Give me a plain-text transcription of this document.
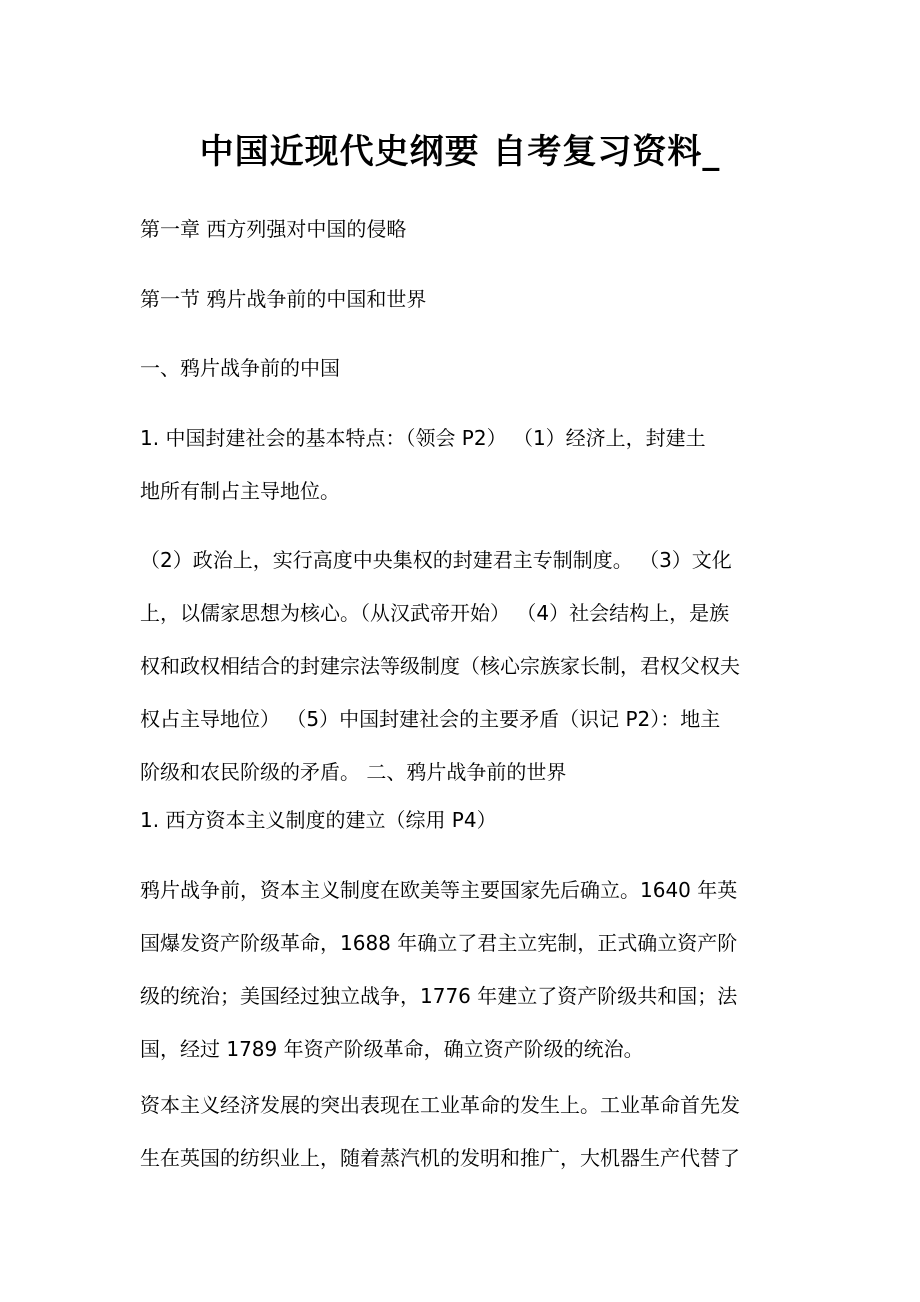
中国近现代史纲要 自考复习资料_

第一章 西方列强对中国的侵略

第一节 鸦片战争前的中国和世界

一、鸦片战争前的中国

1. 中国封建社会的基本特点：（领会 P2） （1）经济上，封建土
地所有制占主导地位。
（2）政治上，实行高度中央集权的封建君主专制制度。 （3）文化
上，以儒家思想为核心。（从汉武帝开始） （4）社会结构上，是族
权和政权相结合的封建宗法等级制度（核心宗族家长制，君权父权夫
权占主导地位） （5）中国封建社会的主要矛盾（识记 P2）：地主
阶级和农民阶级的矛盾。 二、鸦片战争前的世界

1. 西方资本主义制度的建立（综用 P4）

鸦片战争前，资本主义制度在欧美等主要国家先后确立。1640 年英
国爆发资产阶级革命，1688 年确立了君主立宪制，正式确立资产阶
级的统治；美国经过独立战争，1776 年建立了资产阶级共和国；法
国，经过 1789 年资产阶级革命，确立资产阶级的统治。
资本主义经济发展的突出表现在工业革命的发生上。工业革命首先发
生在英国的纺织业上，随着蒸汽机的发明和推广，大机器生产代替了
